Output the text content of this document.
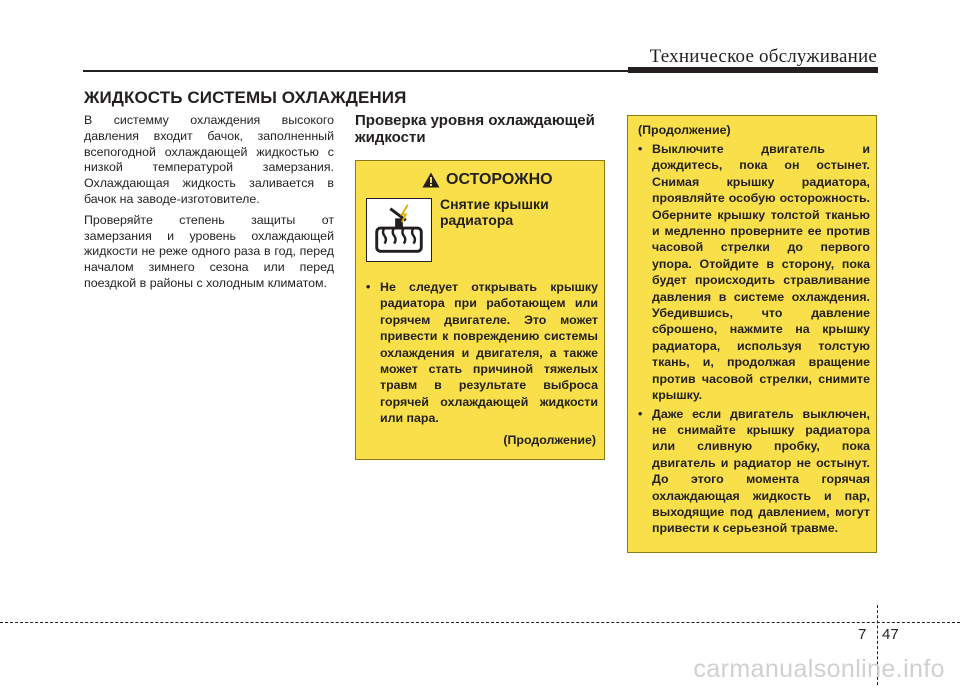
Техническое обслуживание
ЖИДКОСТЬ СИСТЕМЫ ОХЛАЖДЕНИЯ

В системму охлаждения высокого давления входит бачок, заполненный всепогодной охлаждающей жидкостью с низкой температурой замерзания. Охлаждающая жидкость заливается в бачок на заводе-изготовителе.

Проверяйте степень защиты от замерзания и уровень охлаждающей жидкости не реже одного раза в год, перед началом зимнего сезона или перед поездкой в районы с холодным климатом.

Проверка уровня охлаждающей жидкости
ОСТОРОЖНО
Снятие крышки радиатора
• Не следует открывать крышку радиатора при работающем или горячем двигателе. Это может привести к повреждению системы охлаждения и двигателя, а также может стать причиной тяжелых травм в результате выброса горячей охлаждающей жидкости или пара.
(Продолжение)
(Продолжение)
• Выключите двигатель и дождитесь, пока он остынет. Снимая крышку радиатора, проявляйте особую осторожность. Оберните крышку толстой тканью и медленно проверните ее против часовой стрелки до первого упора. Отойдите в сторону, пока будет происходить стравливание давления в системе охлаждения. Убедившись, что давление сброшено, нажмите на крышку радиатора, используя толстую ткань, и, продолжая вращение против часовой стрелки, снимите крышку.
• Даже если двигатель выключен, не снимайте крышку радиатора или сливную пробку, пока двигатель и радиатор не остынут. До этого момента горячая охлаждающая жидкость и пар, выходящие под давлением, могут привести к серьезной травме.
7 47
carmanualsonline.info
